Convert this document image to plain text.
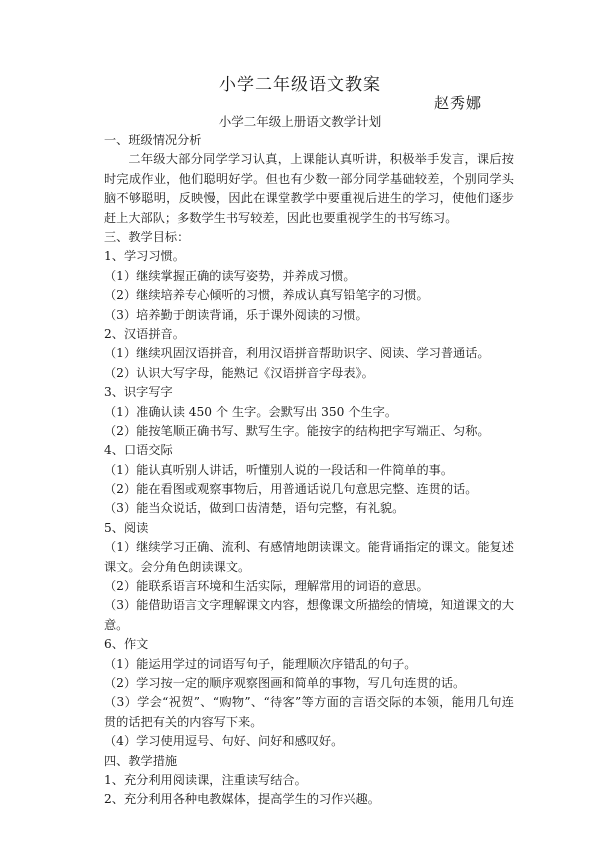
小学二年级语文教案
赵秀娜
小学二年级上册语文教学计划
一、班级情况分析
二年级大部分同学学习认真，上课能认真听讲，积极举手发言，课后按时完成作业，他们聪明好学。但也有少数一部分同学基础较差，个别同学头脑不够聪明，反映慢，因此在课堂教学中要重视后进生的学习，使他们逐步赶上大部队；多数学生书写较差，因此也要重视学生的书写练习。
三、教学目标：
1、学习习惯。
（1）继续掌握正确的读写姿势，并养成习惯。
（2）继续培养专心倾听的习惯，养成认真写铅笔字的习惯。
（3）培养勤于朗读背诵，乐于课外阅读的习惯。
2、汉语拼音。
（1）继续巩固汉语拼音，利用汉语拼音帮助识字、阅读、学习普通话。
（2）认识大写字母，能熟记《汉语拼音字母表》。
3、识字写字
（1）准确认读 450 个 生字。会默写出 350 个生字。
（2）能按笔顺正确书写、默写生字。能按字的结构把字写端正、匀称。
4、口语交际
（1）能认真听别人讲话，听懂别人说的一段话和一件简单的事。
（2）能在看图或观察事物后，用普通话说几句意思完整、连贯的话。
（3）能当众说话，做到口齿清楚，语句完整，有礼貌。
5、阅读
（1）继续学习正确、流利、有感情地朗读课文。能背诵指定的课文。能复述课文。会分角色朗读课文。
（2）能联系语言环境和生活实际，理解常用的词语的意思。
（3）能借助语言文字理解课文内容，想像课文所描绘的情境，知道课文的大意。
6、作文
（1）能运用学过的词语写句子，能理顺次序错乱的句子。
（2）学习按一定的顺序观察图画和简单的事物，写几句连贯的话。
（3）学会“祝贺”、“购物”、“待客”等方面的言语交际的本领，能用几句连贯的话把有关的内容写下来。
（4）学习使用逗号、句好、问好和感叹好。
四、教学措施
1、充分利用阅读课，注重读写结合。
2、充分利用各种电教媒体，提高学生的习作兴趣。
